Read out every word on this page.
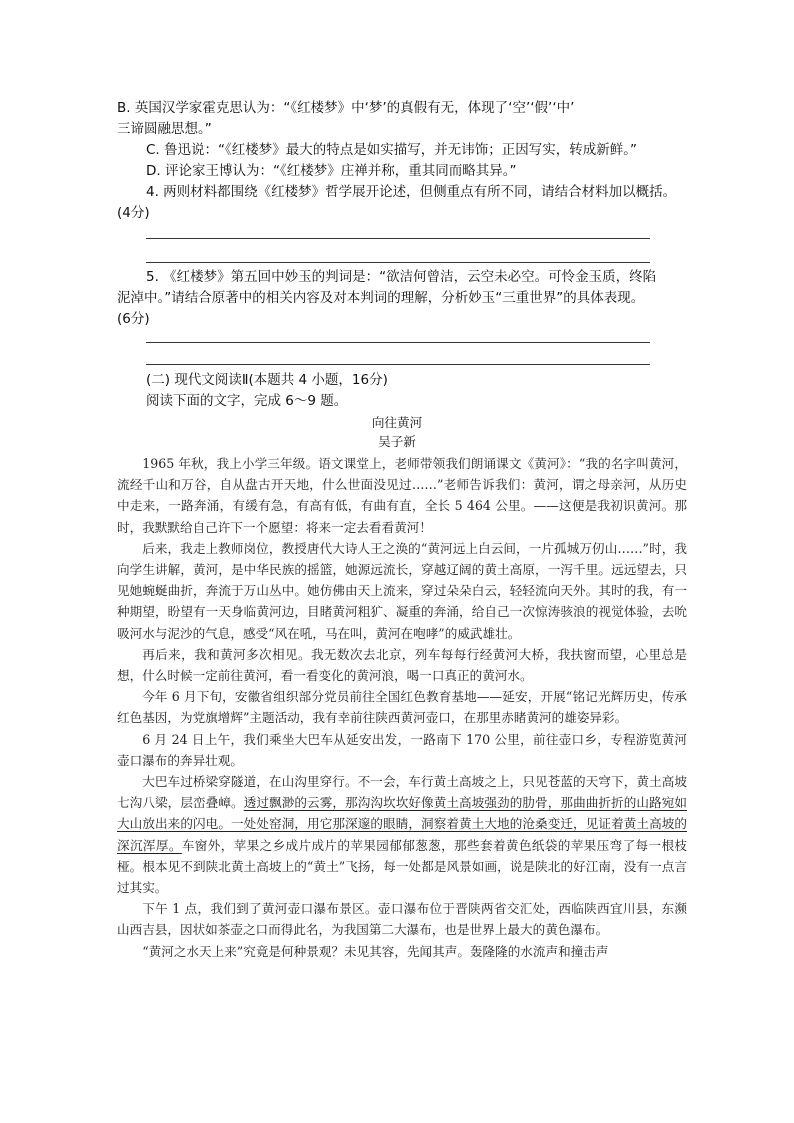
B. 英国汉学家霍克思认为：“《红楼梦》中‘梦’的真假有无，体现了‘空’‘假’‘中’
三谛圆融思想。”
C. 鲁迅说：“《红楼梦》最大的特点是如实描写，并无讳饰；正因写实，转成新鲜。”
D. 评论家王博认为：“《红楼梦》庄禅并称，重其同而略其异。”
4. 两则材料都围绕《红楼梦》哲学展开论述，但侧重点有所不同，请结合材料加以概括。
(4分)
5. 《红楼梦》第五回中妙玉的判词是：“欲洁何曾洁，云空未必空。可怜金玉质，终陷
泥淖中。”请结合原著中的相关内容及对本判词的理解，分析妙玉“三重世界”的具体表现。
(6分)
(二) 现代文阅读Ⅱ(本题共 4 小题，16分)
阅读下面的文字，完成 6～9 题。
向往黄河
吴子新

1965 年秋，我上小学三年级。语文课堂上，老师带领我们朗诵课文《黄河》：“我的名字叫黄河，流经千山和万谷，自从盘古开天地，什么世面没见过……”老师告诉我们：黄河，谓之母亲河，从历史中走来，一路奔涌，有缓有急，有高有低，有曲有直，全长 5 464 公里。——这便是我初识黄河。那时，我默默给自己许下一个愿望：将来一定去看看黄河！

后来，我走上教师岗位，教授唐代大诗人王之涣的“黄河远上白云间，一片孤城万仞山……”时，我向学生讲解，黄河，是中华民族的摇篮，她源远流长，穿越辽阔的黄土高原，一泻千里。远远望去，只见她蜿蜒曲折，奔流于万山丛中。她仿佛由天上流来，穿过朵朵白云，轻轻流向天外。其时的我，有一种期望，盼望有一天身临黄河边，目睹黄河粗犷、凝重的奔涌，给自己一次惊涛骇浪的视觉体验，去吮吸河水与泥沙的气息，感受“风在吼，马在叫，黄河在咆哮”的威武雄壮。

再后来，我和黄河多次相见。我无数次去北京，列车每每行经黄河大桥，我扶窗而望，心里总是想，什么时候一定前往黄河，看一看变化的黄河浪，喝一口真正的黄河水。

今年 6 月下旬，安徽省组织部分党员前往全国红色教育基地——延安，开展“铭记光辉历史，传承红色基因，为党旗增辉”主题活动，我有幸前往陕西黄河壶口，在那里赤睹黄河的雄姿异彩。

6 月 24 日上午，我们乘坐大巴车从延安出发，一路南下 170 公里，前往壶口乡，专程游览黄河壶口瀑布的奔异壮观。

大巴车过桥梁穿隧道，在山沟里穿行。不一会，车行黄土高坡之上，只见苍蓝的天穹下，黄土高坡七沟八梁，层峦叠嶂。透过飘渺的云雾，那沟沟坎坎好像黄土高坡强劲的肋骨，那曲曲折折的山路宛如大山放出来的闪电。一处处窑洞，用它那深邃的眼睛，洞察着黄土大地的沧桑变迁，见证着黄土高坡的深沉浑厚。车窗外，苹果之乡成片成片的苹果园郁郁葱葱，那些套着黄色纸袋的苹果压弯了每一根枝桠。根本见不到陕北黄土高坡上的“黄土”飞扬，每一处都是风景如画，说是陕北的好江南，没有一点言过其实。

下午 1 点，我们到了黄河壶口瀑布景区。壶口瀑布位于晋陕两省交汇处，西临陕西宜川县，东濒山西吉县，因状如茶壶之口而得此名，为我国第二大瀑布，也是世界上最大的黄色瀑布。

“黄河之水天上来”究竟是何种景观？未见其容，先闻其声。轰隆隆的水流声和撞击声
